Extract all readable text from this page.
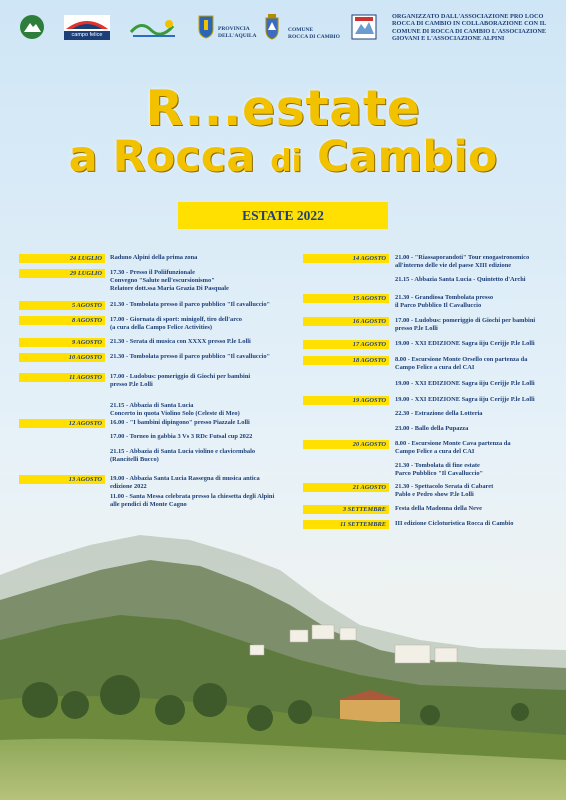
campo felice
PROVINCIA
DELL'AQUILA
COMUNE
ROCCA DI CAMBIO
ORGANIZZATO DALL'ASSOCIAZIONE PRO LOCO ROCCA DI CAMBIO IN COLLABORAZIONE CON IL COMUNE DI ROCCA DI CAMBIO L'ASSOCIAZIONE GIOVANI E L'ASSOCIAZIONE ALPINI
R...estate
a Rocca di Cambio
ESTATE 2022
24 LUGLIO	Raduno Alpini della prima zona
29 LUGLIO	17.30 - Presso il Poliifunzionale
Convegno "Salute nell'escursionismo"
Relatore dott.ssa Maria Grazia Di Pasquale
5 AGOSTO	21.30 - Tombolata presso il parco pubblico "Il cavalluccio"
8 AGOSTO	17.00 - Giornata di sport: minigolf, tiro dell'arco
(a cura della Campo Felice Activities)
9 AGOSTO	21.30 - Serata di musica con XXXX presso P.le Lolli
10 AGOSTO	21.30 - Tombolata presso il parco pubblico "Il cavalluccio"
11 AGOSTO	17.00 - Ludobus: pomeriggio di Giochi per bambini
presso P.le Lolli
21.15 - Abbazia di Santa Lucia
Concerto in quota Violino Solo (Celeste di Meo)
12 AGOSTO	16.00 - "I bambini dipingono" presso Piazzale Lolli
17.00 - Torneo in gabbia 3 Vs 3 RDc Futsal cup 2022
21.15 - Abbazia di Santa Lucia violino e clavicembalo
(Rancitelli Bucco)
13 AGOSTO	19.00 - Abbazia Santa Lucia Rassegna di musica antica
edizione 2022
11.00 - Santa Messa celebrata presso la chiesetta degli Alpini
alle pendici di Monte Cagno
14 AGOSTO	21.00 - "Riassaporandoti" Tour enogastronomico
all'interno delle vie del paese XIII edizione
21.15 - Abbazia Santa Lucia - Quintetto d'Archi
15 AGOSTO	21.30 - Grandiosa Tombolata presso
il Parco Pubblico Il Cavalluccio
16 AGOSTO	17.00 - Ludobus: pomeriggio di Giochi per bambini
presso P.le Lolli
17 AGOSTO	19.00 - XXI EDIZIONE Sagra iiju Cerijje P.le Lolli
18 AGOSTO	8.00 - Escursione Monte Orsello con partenza da
Campo Felice a cura del CAI
19.00 - XXI EDIZIONE Sagra iiju Cerijje P.le Lolli
19 AGOSTO	19.00 - XXI EDIZIONE Sagra iiju Cerijje P.le Lolli
22.30 - Estrazione della Lotteria
23.00 - Ballo della Pupazza
20 AGOSTO	8.00 - Escursione Monte Cava partenza da
Campo Felice a cura del CAI
21.30 - Tombolata di fine estate
Parco Pubblico "Il Cavalluccio"
21 AGOSTO	21.30 - Spettacolo Serata di Cabaret
Pablo e Pedro show P.le Lolli
3 SETTEMBRE	Festa della Madonna della Neve
11 SETTEMBRE	III edizione Cicloturistica Rocca di Cambio
